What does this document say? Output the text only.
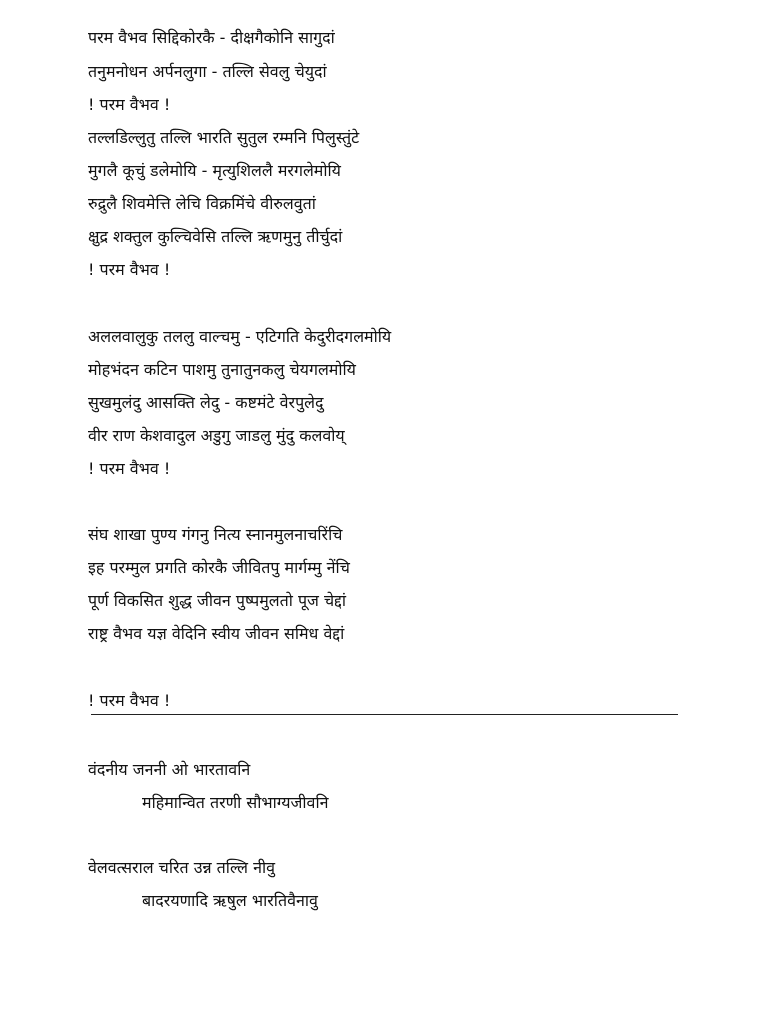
परम वैभव सिद्दिकोरकै - दीक्षगैकोनि सागुदां
तनुमनोधन अर्पनलुगा - तल्लि सेवलु चेयुदां
! परम वैभव !
तल्लडिल्लुतु तल्लि भारति सुतुल रम्मनि पिलुस्तुंटे
मुगलै कूचुं डलेमोयि - मृत्युशिललै मरगलेमोयि
रुद्रुलै शिवमेत्ति लेचि विक्रमिंचे वीरुलवुतां
क्षुद्र शक्तुल कुल्चिवेसि तल्लि ऋणमुनु तीर्चुदां
! परम वैभव !
अललवालुकु तललु वाल्चमु - एटिगति केदुरीदगलमोयि
मोहभंदन कटिन पाशमु तुनातुनकलु चेयगलमोयि
सुखमुलंदु आसक्ति लेदु - कष्टमंटे वेरपुलेदु
वीर राण केशवादुल अडुगु जाडलु मुंदु कलवोय्
! परम वैभव !
संघ शाखा पुण्य गंगनु नित्य स्नानमुलनाचरिंचि
इह परम्मुल प्रगति कोरकै जीवितपु मार्गम्मु नेंचि
पूर्ण विकसित शुद्ध जीवन पुष्पमुलतो पूज चेद्दां
राष्ट्र वैभव यज्ञ वेदिनि स्वीय जीवन समिध वेद्दां
! परम वैभव !
वंदनीय जननी ओ भारतावनि
महिमान्वित तरणी सौभाग्यजीवनि
वेलवत्सराल चरित उन्न तल्लि नीवु
बादरयणादि ऋषुल भारतिवैनावु
